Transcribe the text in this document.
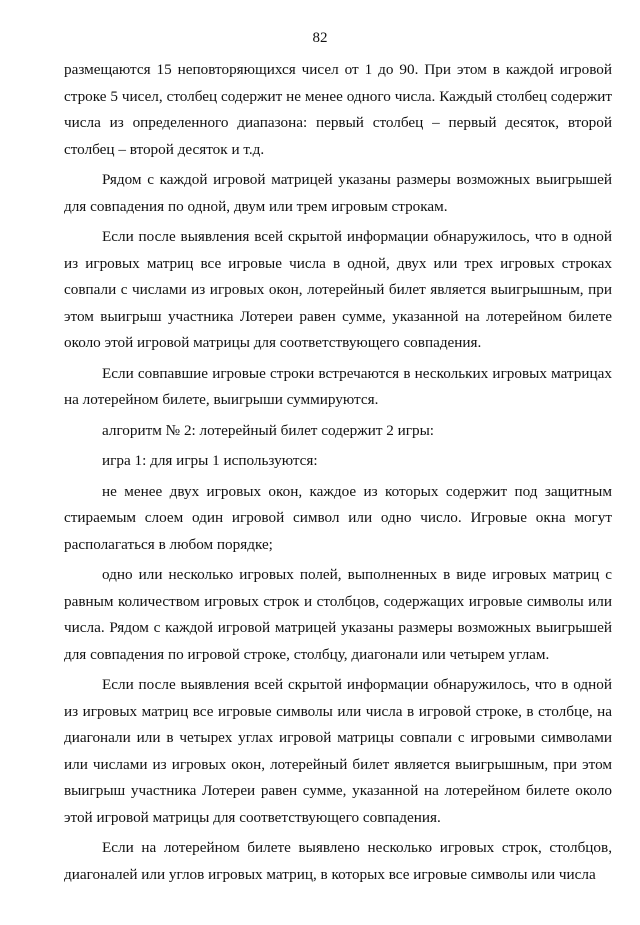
82

размещаются 15 неповторяющихся чисел от 1 до 90. При этом в каждой игровой строке 5 чисел, столбец содержит не менее одного числа. Каждый столбец содержит числа из определенного диапазона: первый столбец – первый десяток, второй столбец – второй десяток и т.д.

Рядом с каждой игровой матрицей указаны размеры возможных выигрышей для совпадения по одной, двум или трем игровым строкам.

Если после выявления всей скрытой информации обнаружилось, что в одной из игровых матриц все игровые числа в одной, двух или трех игровых строках совпали с числами из игровых окон, лотерейный билет является выигрышным, при этом выигрыш участника Лотереи равен сумме, указанной на лотерейном билете около этой игровой матрицы для соответствующего совпадения.

Если совпавшие игровые строки встречаются в нескольких игровых матрицах на лотерейном билете, выигрыши суммируются.

алгоритм № 2: лотерейный билет содержит 2 игры:

игра 1: для игры 1 используются:

не менее двух игровых окон, каждое из которых содержит под защитным стираемым слоем один игровой символ или одно число. Игровые окна могут располагаться в любом порядке;

одно или несколько игровых полей, выполненных в виде игровых матриц с равным количеством игровых строк и столбцов, содержащих игровые символы или числа. Рядом с каждой игровой матрицей указаны размеры возможных выигрышей для совпадения по игровой строке, столбцу, диагонали или четырем углам.

Если после выявления всей скрытой информации обнаружилось, что в одной из игровых матриц все игровые символы или числа в игровой строке, в столбце, на диагонали или в четырех углах игровой матрицы совпали с игровыми символами или числами из игровых окон, лотерейный билет является выигрышным, при этом выигрыш участника Лотереи равен сумме, указанной на лотерейном билете около этой игровой матрицы для соответствующего совпадения.

Если на лотерейном билете выявлено несколько игровых строк, столбцов, диагоналей или углов игровых матриц, в которых все игровые символы или числа
